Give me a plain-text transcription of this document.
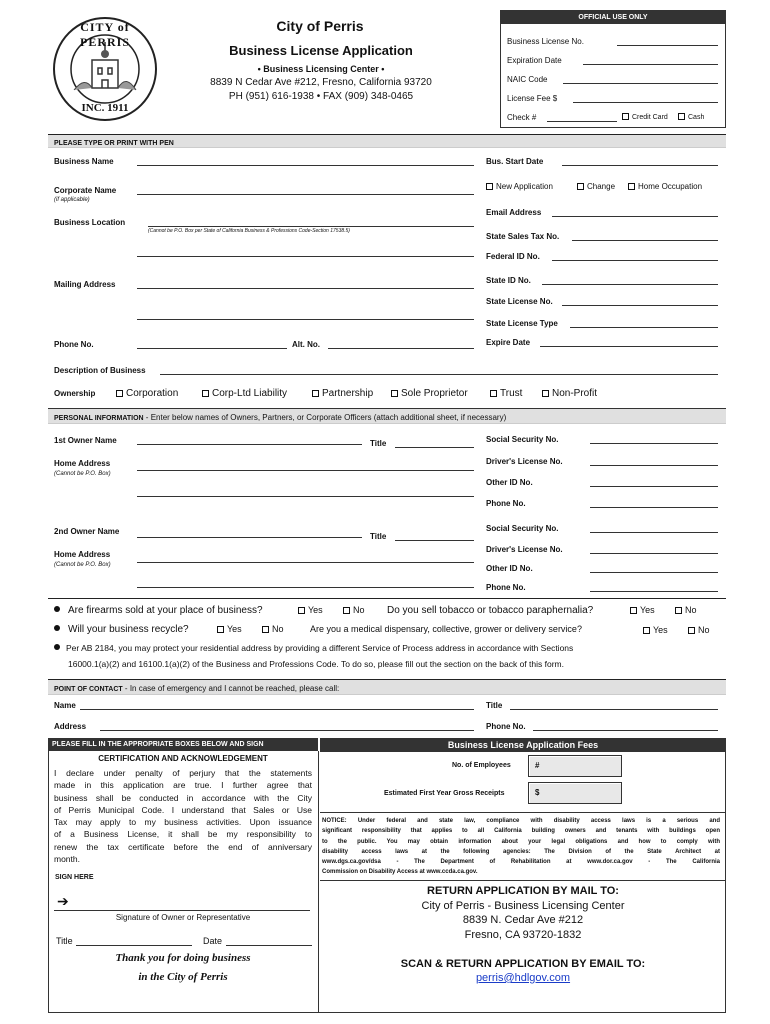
CITY of PERRIS
INC. 1911
City of Perris
Business License Application
• Business Licensing Center •
8839 N Cedar Ave #212, Fresno, California 93720
PH (951) 616-1938 • FAX (909) 348-0465
OFFICIAL USE ONLY
Business License No.
Expiration Date
NAIC Code
License Fee $
Check #	Credit Card	Cash
PLEASE TYPE OR PRINT WITH PEN
Business Name
Corporate Name
(if applicable)
Business Location
(Cannot be P.O. Box per State of California Business & Professions Code-Section 17538.5)
Mailing Address
Phone No.	Alt. No.
Description of Business
Ownership	Corporation	Corp-Ltd Liability	Partnership	Sole Proprietor	Trust	Non-Profit
Bus. Start Date
New Application	Change	Home Occupation
Email Address
State Sales Tax No.
Federal ID No.
State ID No.
State License No.
State License Type
Expire Date
PERSONAL INFORMATION - Enter below names of Owners, Partners, or Corporate Officers (attach additional sheet, if necessary)
1st Owner Name	Title
Home Address
(Cannot be P.O. Box)
Social Security No.
Driver's License No.
Other ID No.
Phone No.
2nd Owner Name
Title
Home Address
(Cannot be P.O. Box)
Social Security No.
Driver's License No.
Other ID No.
Phone No.
Are firearms sold at your place of business?	Yes	No Do you sell tobacco or tobacco paraphernalia?	Yes	No
Will your business recycle?	Yes	No	Are you a medical dispensary, collective, grower or delivery service?	Yes	No
Per AB 2184, you may protect your residential address by providing a different Service of Process address in accordance with Sections
16000.1(a)(2) and 16100.1(a)(2) of the Business and Professions Code. To do so, please fill out the section on the back of this form.
POINT OF CONTACT - In case of emergency and I cannot be reached, please call:
Name
Address
Title
Phone No.
PLEASE FILL IN THE APPROPRIATE BOXES BELOW AND SIGN	Business License Application Fees
CERTIFICATION AND ACKNOWLEDGEMENT
I declare under penalty of perjury that the statements
made in this application are true. I further agree that
business shall be conducted in accordance with the City
of Perris Municipal Code. I understand that Sales or Use
Tax may apply to my business activities. Upon issuance
of a Business License, it shall be my responsibility to
renew the tax certificate before the end of anniversary
month.
SIGN HERE
➔
Signature of Owner or Representative
Title	Date
Thank you for doing business
in the City of Perris
No. of Employees	#
Estimated First Year Gross Receipts	$
NOTICE: Under federal and state law, compliance with disability access laws is a serious and
significant responsibility that applies to all California building owners and tenants with buildings open
to the public. You may obtain information about your legal obligations and how to comply with
disability access laws at the following agencies: The Division of the State Architect at
www.dgs.ca.gov/dsa - The Department of Rehabilitation at www.dor.ca.gov - The California
Commission on Disability Access at www.ccda.ca.gov.
RETURN APPLICATION BY MAIL TO:
City of Perris - Business Licensing Center
8839 N. Cedar Ave #212
Fresno, CA 93720-1832
SCAN & RETURN APPLICATION BY EMAIL TO:
perris@hdlgov.com
